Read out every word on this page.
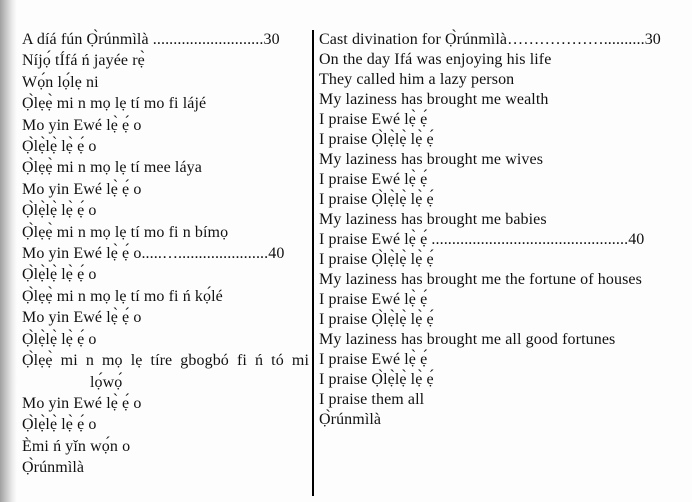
A díá fún Ọ̀rúnmìlà ...........................30
Níjọ́ tÍfá ń jayée rẹ̀
Wọ́n lọ́lẹ ni
Ọ̀lẹẹ̀ mi n mọ lẹ tí mo fi lájé
Mo yin Ewé lẹ̀ ẹ́ o
Ọ̀lẹ̀lẹ̀ lẹ̀ ẹ́ o
Ọ̀lẹẹ̀ mi n mọ lẹ tí mee láya
Mo yin Ewé lẹ̀ ẹ́ o
Ọ̀lẹ̀lẹ̀ lẹ̀ ẹ́ o
Ọ̀lẹẹ̀ mi n mọ lẹ tí mo fi n bímọ
Mo yin Ewé lẹ̀ ẹ́ o.....…......................40
Ọ̀lẹ̀lẹ̀ lẹ̀ ẹ́ o
Ọ̀lẹẹ̀ mi n mọ lẹ tí mo fi ń kọ́lé
Mo yin Ewé lẹ̀ ẹ́ o
Ọ̀lẹ̀lẹ̀ lẹ̀ ẹ́ o
Ọ̀lẹẹ̀ mi n mọ lẹ tíre gbogbó fi ń tó mi
lọ́wọ́
Mo yin Ewé lẹ̀ ẹ́ o
Ọ̀lẹ̀lẹ̀ lẹ̀ ẹ́ o
Èmi ń yǐn wọ́n o
Ọ̀rúnmìlà
Cast divination for Ọ̀rúnmìlà………………..........30
On the day Ifá was enjoying his life
They called him a lazy person
My laziness has brought me wealth
I praise Ewé lẹ̀ ẹ́
I praise Ọ̀lẹ̀lẹ̀ lẹ̀ ẹ́
My laziness has brought me wives
I praise Ewé lẹ̀ ẹ́
I praise Ọ̀lẹ̀lẹ̀ lẹ̀ ẹ́
My laziness has brought me babies
I praise Ewé lẹ̀ ẹ́ ................................................40
I praise Ọ̀lẹ̀lẹ̀ lẹ̀ ẹ́
My laziness has brought me the fortune of houses
I praise Ewé lẹ̀ ẹ́
I praise Ọ̀lẹ̀lẹ̀ lẹ̀ ẹ́
My laziness has brought me all good fortunes
I praise Ewé lẹ̀ ẹ́
I praise Ọ̀lẹ̀lẹ̀ lẹ̀ ẹ́
I praise them all
Ọ̀rúnmìlà
